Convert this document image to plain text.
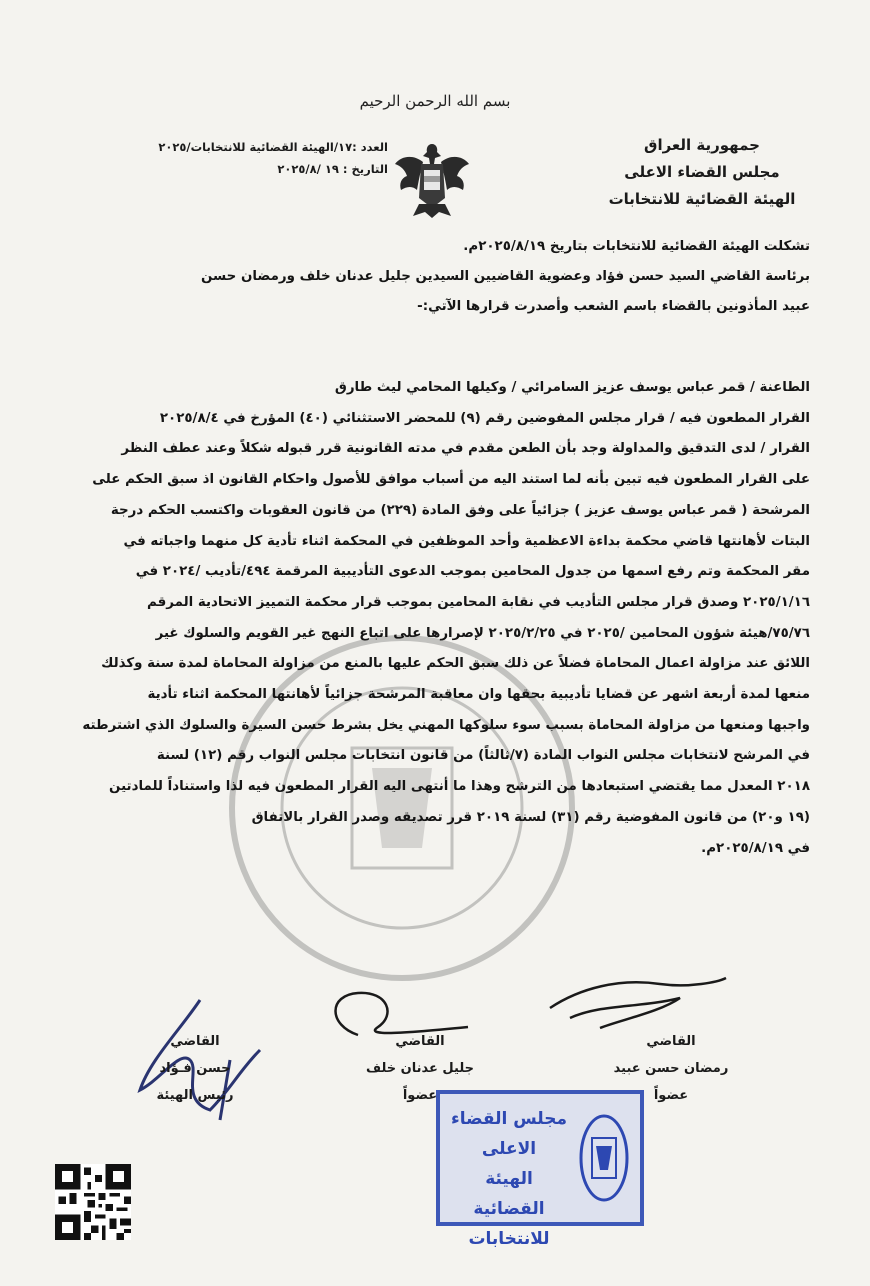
بسم الله الرحمن الرحيم
جمهورية العراق
مجلس القضاء الاعلى
الهيئة القضائية للانتخابات
العدد :١٧/الهيئة القضائية للانتخابات/٢٠٢٥
التاريخ : ١٩ /٢٠٢٥/٨
تشكلت الهيئة القضائية للانتخابات بتاريخ ٢٠٢٥/٨/١٩م.
برئاسة القاضي السيد حسن فؤاد وعضوية القاضيين السيدين جليل عدنان خلف ورمضان حسن
عبيد المأذونين بالقضاء باسم الشعب وأصدرت قرارها الآتي:-
الطاعنة / قمر عباس يوسف عزيز السامرائي / وكيلها المحامي ليث طارق
القرار المطعون فيه / قرار مجلس المفوضين رقم (٩) للمحضر الاستثنائي (٤٠) المؤرخ في ٢٠٢٥/٨/٤
القرار / لدى التدقيق والمداولة وجد بأن الطعن مقدم في مدته القانونية قرر قبوله شكلاً وعند عطف النظر
على القرار المطعون فيه تبين بأنه لما استند اليه من أسباب موافق للأصول واحكام القانون اذ سبق الحكم على
المرشحة ( قمر عباس يوسف عزيز ) جزائياً على وفق المادة (٢٢٩) من قانون العقوبات واكتسب الحكم درجة
البتات لأهانتها قاضي محكمة بداءة الاعظمية وأحد الموظفين في المحكمة اثناء تأدية كل منهما واجباته في
مقر المحكمة وتم رفع اسمها من جدول المحامين بموجب الدعوى التأديبية المرقمة ٤٩٤/تأديب /٢٠٢٤ في
٢٠٢٥/١/١٦ وصدق قرار مجلس التأديب في نقابة المحامين بموجب قرار محكمة التمييز الاتحادية المرقم
٧٥/٧٦/هيئة شؤون المحامين /٢٠٢٥ في ٢٠٢٥/٢/٢٥ لإصرارها على اتباع النهج غير القويم والسلوك غير
اللائق عند مزاولة اعمال المحاماة فضلاً عن ذلك سبق الحكم عليها بالمنع من مزاولة المحاماة لمدة سنة وكذلك
منعها لمدة أربعة اشهر عن قضايا تأديبية بحقها وان معاقبة المرشحة جزائياً لأهانتها المحكمة اثناء تأدية
واجبها ومنعها من مزاولة المحاماة بسبب سوء سلوكها المهني يخل بشرط حسن السيرة والسلوك الذي اشترطته
في المرشح لانتخابات مجلس النواب المادة (٧/ثالثاً) من قانون انتخابات مجلس النواب رقم (١٢) لسنة
٢٠١٨ المعدل مما يقتضي استبعادها من الترشح وهذا ما أنتهى اليه القرار المطعون فيه لذا واستناداً للمادتين
(١٩ و٢٠) من قانون المفوضية رقم (٣١) لسنة ٢٠١٩ قرر تصديقه وصدر القرار بالاتفاق
في ٢٠٢٥/٨/١٩م.
القاضي
رمضان حسن عبيد
عضواً
القاضي
جليل عدنان خلف
عضواً
القاضي
حسن فـؤاد
رئيس الهيئة
مجلس القضاء الاعلى
الهيئة القضائية
للانتخابات
